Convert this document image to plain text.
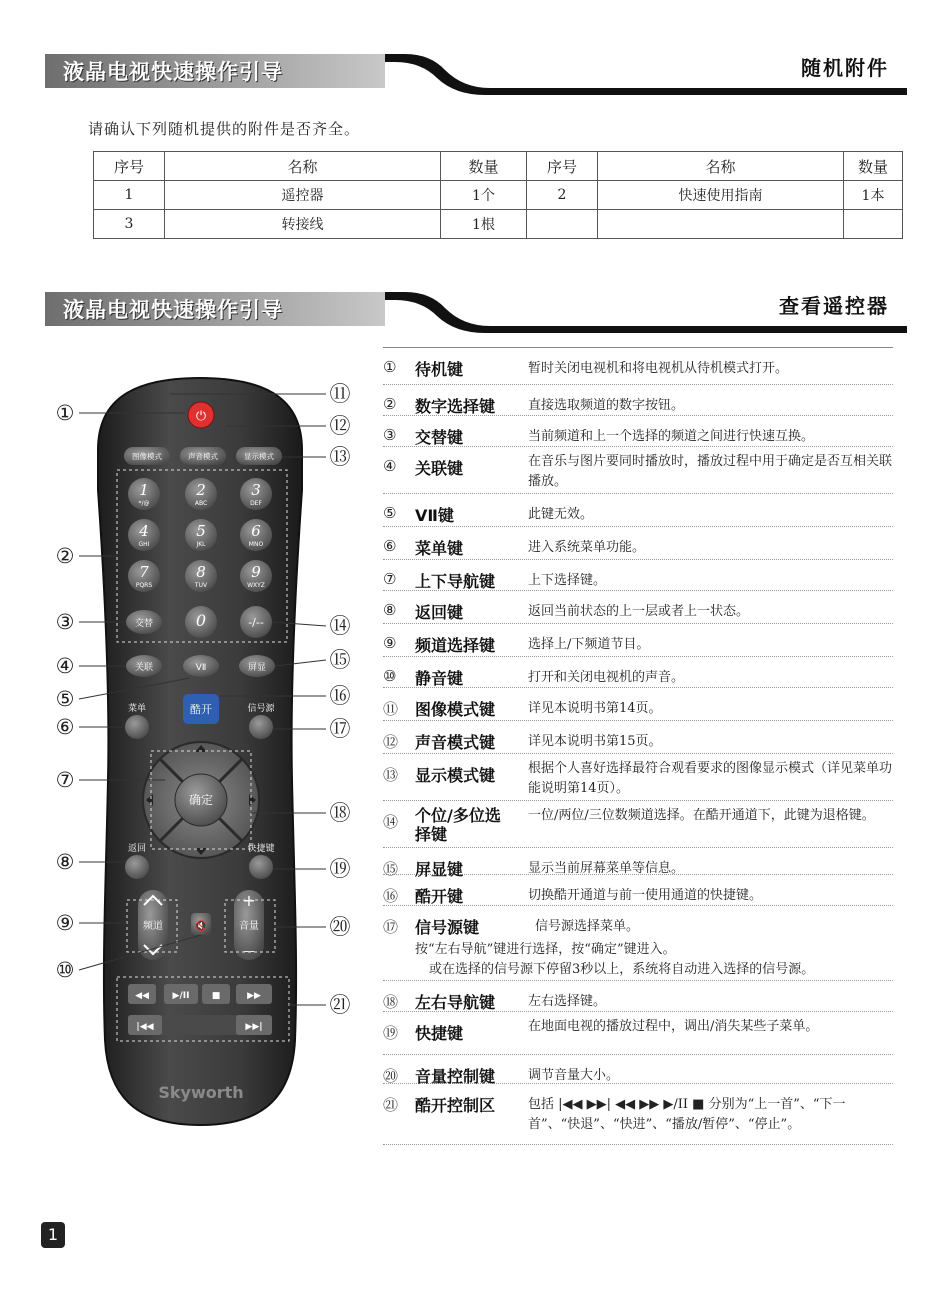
液晶电视快速操作引导	随机附件
请确认下列随机提供的附件是否齐全。
序号	名称	数量	序号	名称	数量
1	遥控器	1个	2	快速使用指南	1本
3	转接线	1根			
液晶电视快速操作引导	查看遥控器
⏻
图像模式	声音模式	显示模式
1
*/@
2
ABC
3
DEF
4
GHI
5
JKL
6
MNO
7
PQRS
8
TUV
9
WXYZ
0	-/--
交替
关联	VⅡ	屏显
菜单	酷开	信号源
确定
返回	快捷键
频道	🔇
+
音量
—
◀◀	▶/II ■	▶▶
|◀◀	▶▶|
Skyworth
①
②
③
④
⑤
⑥
⑦
⑧
⑨
⑩
⑪
⑫
⑬
⑭
⑮
⑯
⑰
⑱
⑲
⑳
㉑
①	待机键	暂时关闭电视机和将电视机从待机模式打开。
②	数字选择键	直接选取频道的数字按钮。
③	交替键	当前频道和上一个选择的频道之间进行快速互换。
④	关联键	在音乐与图片要同时播放时，播放过程中用于确定是否互相关联播放。
⑤	VⅡ键	此键无效。
⑥	菜单键	进入系统菜单功能。
⑦	上下导航键	上下选择键。
⑧	返回键	返回当前状态的上一层或者上一状态。
⑨	频道选择键	选择上/下频道节目。
⑩	静音键	打开和关闭电视机的声音。
⑪	图像模式键	详见本说明书第14页。
⑫	声音模式键	详见本说明书第15页。
⑬	显示模式键	根据个人喜好选择最符合观看要求的图像显示模式（详见菜单功能说明第14页）。
⑭	个位/多位选择键
一位/两位/三位数频道选择。在酷开通道下，此键为退格键。
⑮	屏显键	显示当前屏幕菜单等信息。
⑯	酷开键	切换酷开通道与前一使用通道的快捷键。
⑰	信号源键	信号源选择菜单。
按“左右导航”键进行选择，按“确定”键进入。
或在选择的信号源下停留3秒以上，系统将自动进入选择的信号源。
⑱	左右导航键	左右选择键。
⑲	快捷键	在地面电视的播放过程中，调出/消失某些子菜单。
⑳	音量控制键	调节音量大小。
㉑	酷开控制区	包括 |◀◀ ▶▶| ◀◀ ▶▶ ▶/II ■ 分别为“上一首”、“下一首”、“快退”、“快进”、“播放/暂停”、“停止”。
1
